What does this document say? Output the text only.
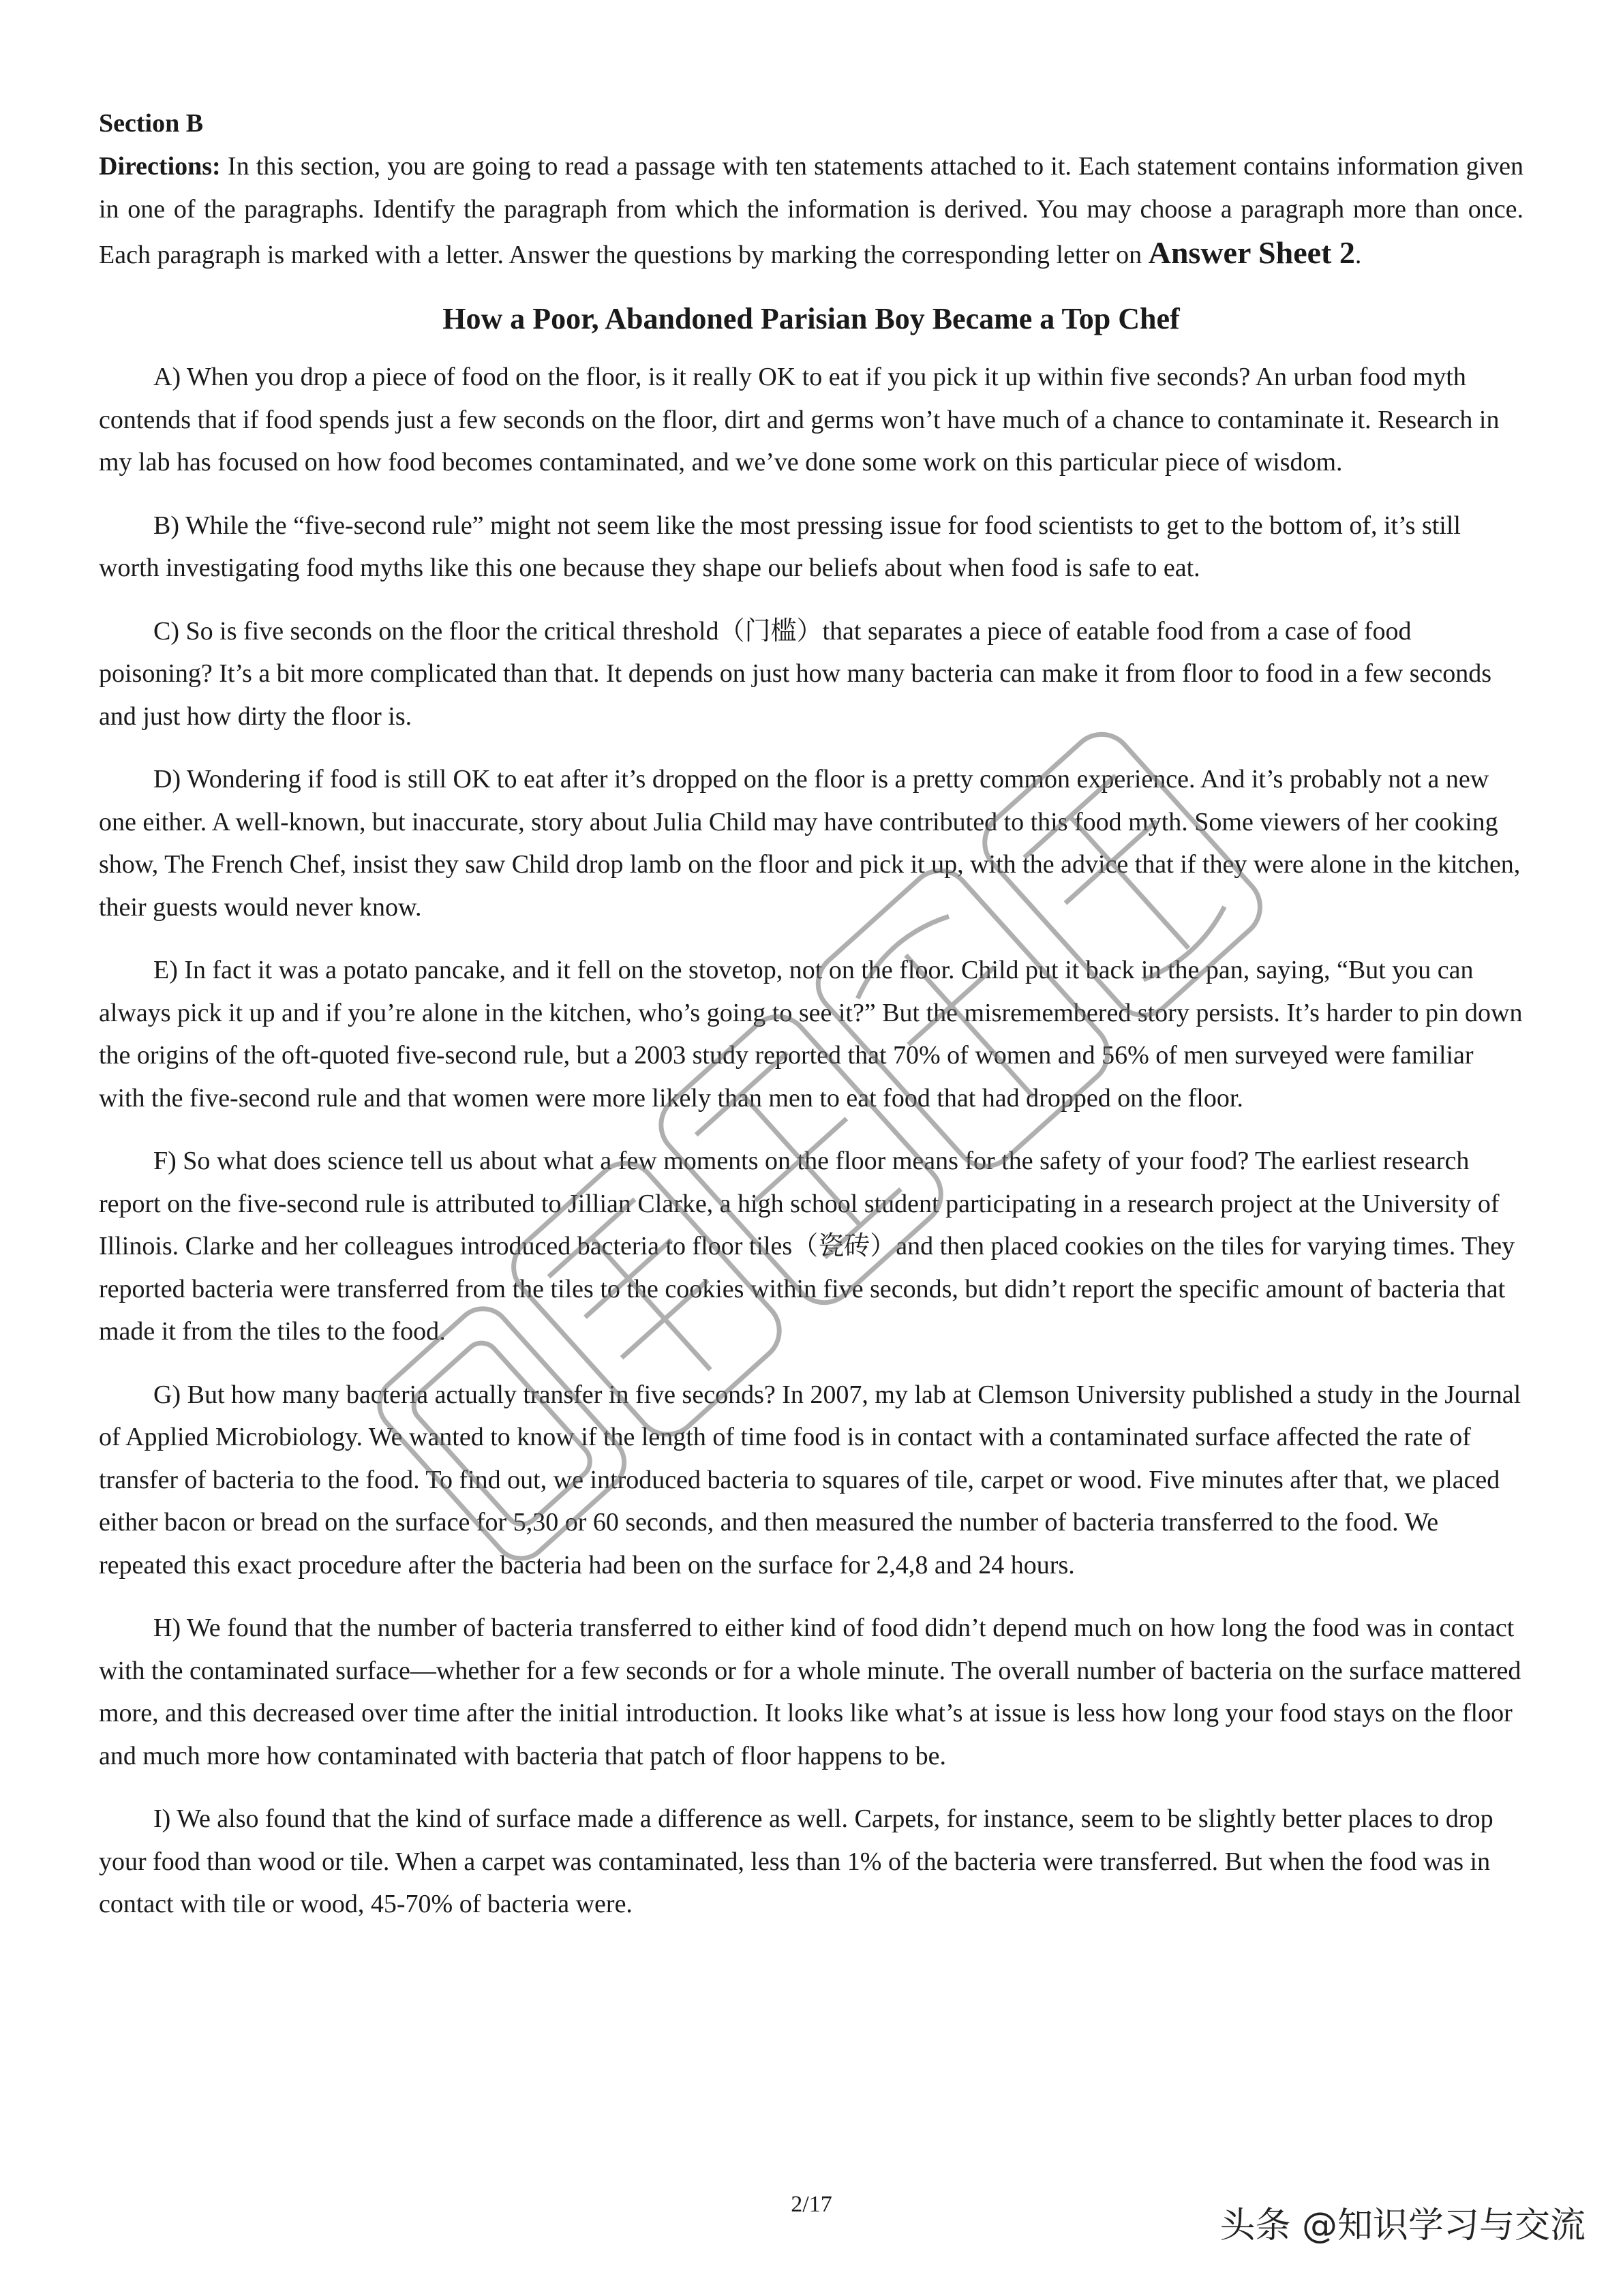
Section B

Directions: In this section, you are going to read a passage with ten statements attached to it. Each statement contains information given in one of the paragraphs. Identify the paragraph from which the information is derived. You may choose a paragraph more than once. Each paragraph is marked with a letter. Answer the questions by marking the corresponding letter on Answer Sheet 2.

How a Poor, Abandoned Parisian Boy Became a Top Chef

A) When you drop a piece of food on the floor, is it really OK to eat if you pick it up within five seconds? An urban food myth contends that if food spends just a few seconds on the floor, dirt and germs won’t have much of a chance to contaminate it. Research in my lab has focused on how food becomes contaminated, and we’ve done some work on this particular piece of wisdom.

B) While the “five-second rule” might not seem like the most pressing issue for food scientists to get to the bottom of, it’s still worth investigating food myths like this one because they shape our beliefs about when food is safe to eat.

C) So is five seconds on the floor the critical threshold（门槛）that separates a piece of eatable food from a case of food poisoning? It’s a bit more complicated than that. It depends on just how many bacteria can make it from floor to food in a few seconds and just how dirty the floor is.

D) Wondering if food is still OK to eat after it’s dropped on the floor is a pretty common experience. And it’s probably not a new one either. A well-known, but inaccurate, story about Julia Child may have contributed to this food myth. Some viewers of her cooking show, The French Chef, insist they saw Child drop lamb on the floor and pick it up, with the advice that if they were alone in the kitchen, their guests would never know.

E) In fact it was a potato pancake, and it fell on the stovetop, not on the floor. Child put it back in the pan, saying, “But you can always pick it up and if you’re alone in the kitchen, who’s going to see it?” But the misremembered story persists. It’s harder to pin down the origins of the oft-quoted five-second rule, but a 2003 study reported that 70% of women and 56% of men surveyed were familiar with the five-second rule and that women were more likely than men to eat food that had dropped on the floor.

F) So what does science tell us about what a few moments on the floor means for the safety of your food? The earliest research report on the five-second rule is attributed to Jillian Clarke, a high school student participating in a research project at the University of Illinois. Clarke and her colleagues introduced bacteria to floor tiles（瓷砖）and then placed cookies on the tiles for varying times. They reported bacteria were transferred from the tiles to the cookies within five seconds, but didn’t report the specific amount of bacteria that made it from the tiles to the food.

G) But how many bacteria actually transfer in five seconds? In 2007, my lab at Clemson University published a study in the Journal of Applied Microbiology. We wanted to know if the length of time food is in contact with a contaminated surface affected the rate of transfer of bacteria to the food. To find out, we introduced bacteria to squares of tile, carpet or wood. Five minutes after that, we placed either bacon or bread on the surface for 5,30 or 60 seconds, and then measured the number of bacteria transferred to the food. We repeated this exact procedure after the bacteria had been on the surface for 2,4,8 and 24 hours.

H) We found that the number of bacteria transferred to either kind of food didn’t depend much on how long the food was in contact with the contaminated surface—whether for a few seconds or for a whole minute. The overall number of bacteria on the surface mattered more, and this decreased over time after the initial introduction. It looks like what’s at issue is less how long your food stays on the floor and much more how contaminated with bacteria that patch of floor happens to be.

I) We also found that the kind of surface made a difference as well. Carpets, for instance, seem to be slightly better places to drop your food than wood or tile. When a carpet was contaminated, less than 1% of the bacteria were transferred. But when the food was in contact with tile or wood, 45-70% of bacteria were.

2/17
头条 @知识学习与交流
